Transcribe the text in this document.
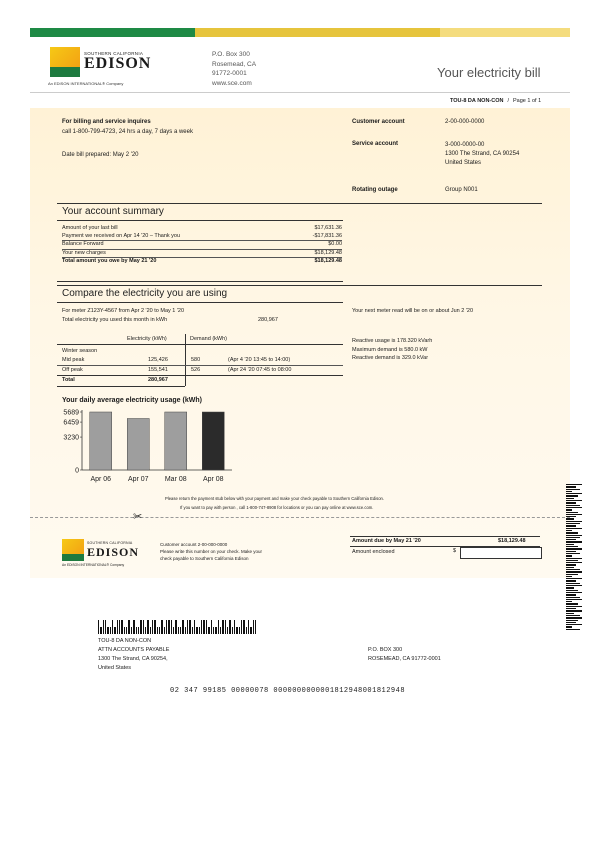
SOUTHERN CALIFORNIA
EDISON
An EDISON INTERNATIONAL® Company
P.O. Box 300
Rosemead, CA
91772-0001
www.sce.com
Your electricity bill
TOU-8 DA NON-CON / Page 1 of 1
For billing and service inquires
call 1-800-799-4723, 24 hrs a day, 7 days a week
Date bill prepared: May 2 '20
Customer account	2-00-000-0000
Service account	3-000-0000-00
1300 The Strand, CA 90254
United States
Rotating outage	Group N001
Your account summary
Amount of your last bill	$17,631.36
Payment we received on Apr 14 '20 – Thank you	-$17,831.36
Balance Forward	$0.00
Your new charges	$18,129.48
Total amount you owe by May 21 '20	$18,129.48
Compare the electricity you are using
For meter Z123Y-4567 from Apr 2 '20 to May 1 '20
Total electricity you used this month in kWh	280,967
Your next meter read will be on or about Jun 2 '20
Electricity (kWh)	Demand (kWh)
Winter season
Mid peak	125,426	580	(Apr 4 '20 13:45 to 14:00)
Off peak	155,541	526	(Apr 24 '20 07:45 to 08:00
Total	280,967
Reactive usage is 178.320 kVarh
Maximum demand is 580.0 kW
Reactive demand is 329.0 kVar
Your daily average electricity usage (kWh)
5689
6459
3230
0
Apr 06 Apr 07 Mar 08 Apr 08
Please return the payment stub below with your payment and make your check payable to Southern California Edison.
If you want to pay with person , call 1-800-747-8908 for locations or you can pay online at www.sce.com.
✂
SOUTHERN CALIFORNIA
EDISON
An EDISON INTERNATIONAL® Company
Customer account 2-00-000-0000
Please write this number on your check. Make your
check payable to Southern California Edison
Amount due by May 21 '20	$18,129.48
Amount enclosed	$
TOU-8 DA NON-CON
ATTN ACCOUNTS PAYABLE
1300 The Strand, CA 90254,
United States
P.O. BOX 300
ROSEMEAD, CA 91772-0001
02 347 99185 00000078 0000000000001812948001812948
